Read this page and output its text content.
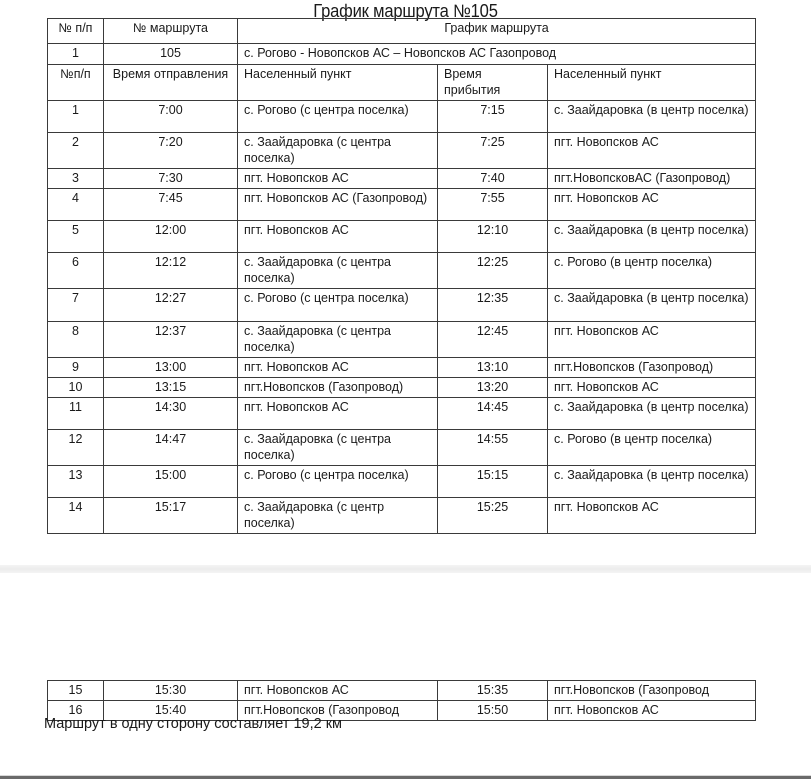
График маршрута №105
№ п/п	№ маршрута	График маршрута		
1	105	с. Рогово - Новопсков АС – Новопсков АС Газопровод		
№п/п	Время отправления	Населенный пункт	Время прибытия	Населенный пункт
1	7:00	с. Рогово (с центра поселка)	7:15	с. Заайдаровка (в центр поселка)
2	7:20	с. Заайдаровка (с центра поселка)	7:25	пгт. Новопсков АС
3	7:30	пгт. Новопсков АС	7:40	пгт.НовопсковАС (Газопровод)
4	7:45	пгт. Новопсков АС (Газопровод)	7:55	пгт. Новопсков АС
5	12:00	пгт. Новопсков АС	12:10	с. Заайдаровка (в центр поселка)
6	12:12	с. Заайдаровка (с центра поселка)	12:25	с. Рогово (в центр поселка)
7	12:27	с. Рогово (с центра поселка)	12:35	с. Заайдаровка (в центр поселка)
8	12:37	с. Заайдаровка (с центра поселка)	12:45	пгт. Новопсков АС
9	13:00	пгт. Новопсков АС	13:10	пгт.Новопсков (Газопровод)
10	13:15	пгт.Новопсков (Газопровод)	13:20	пгт. Новопсков АС
11	14:30	пгт. Новопсков АС	14:45	с. Заайдаровка (в центр поселка)
12	14:47	с. Заайдаровка (с центра поселка)	14:55	с. Рогово (в центр поселка)
13	15:00	с. Рогово (с центра поселка)	15:15	с. Заайдаровка (в центр поселка)
14	15:17	с. Заайдаровка (с центр поселка)	15:25	пгт. Новопсков АС
15	15:30	пгт. Новопсков АС	15:35	пгт.Новопсков (Газопровод
16	15:40	пгт.Новопсков (Газопровод	15:50	пгт. Новопсков АС
Маршрут в одну сторону составляет 19,2 км
